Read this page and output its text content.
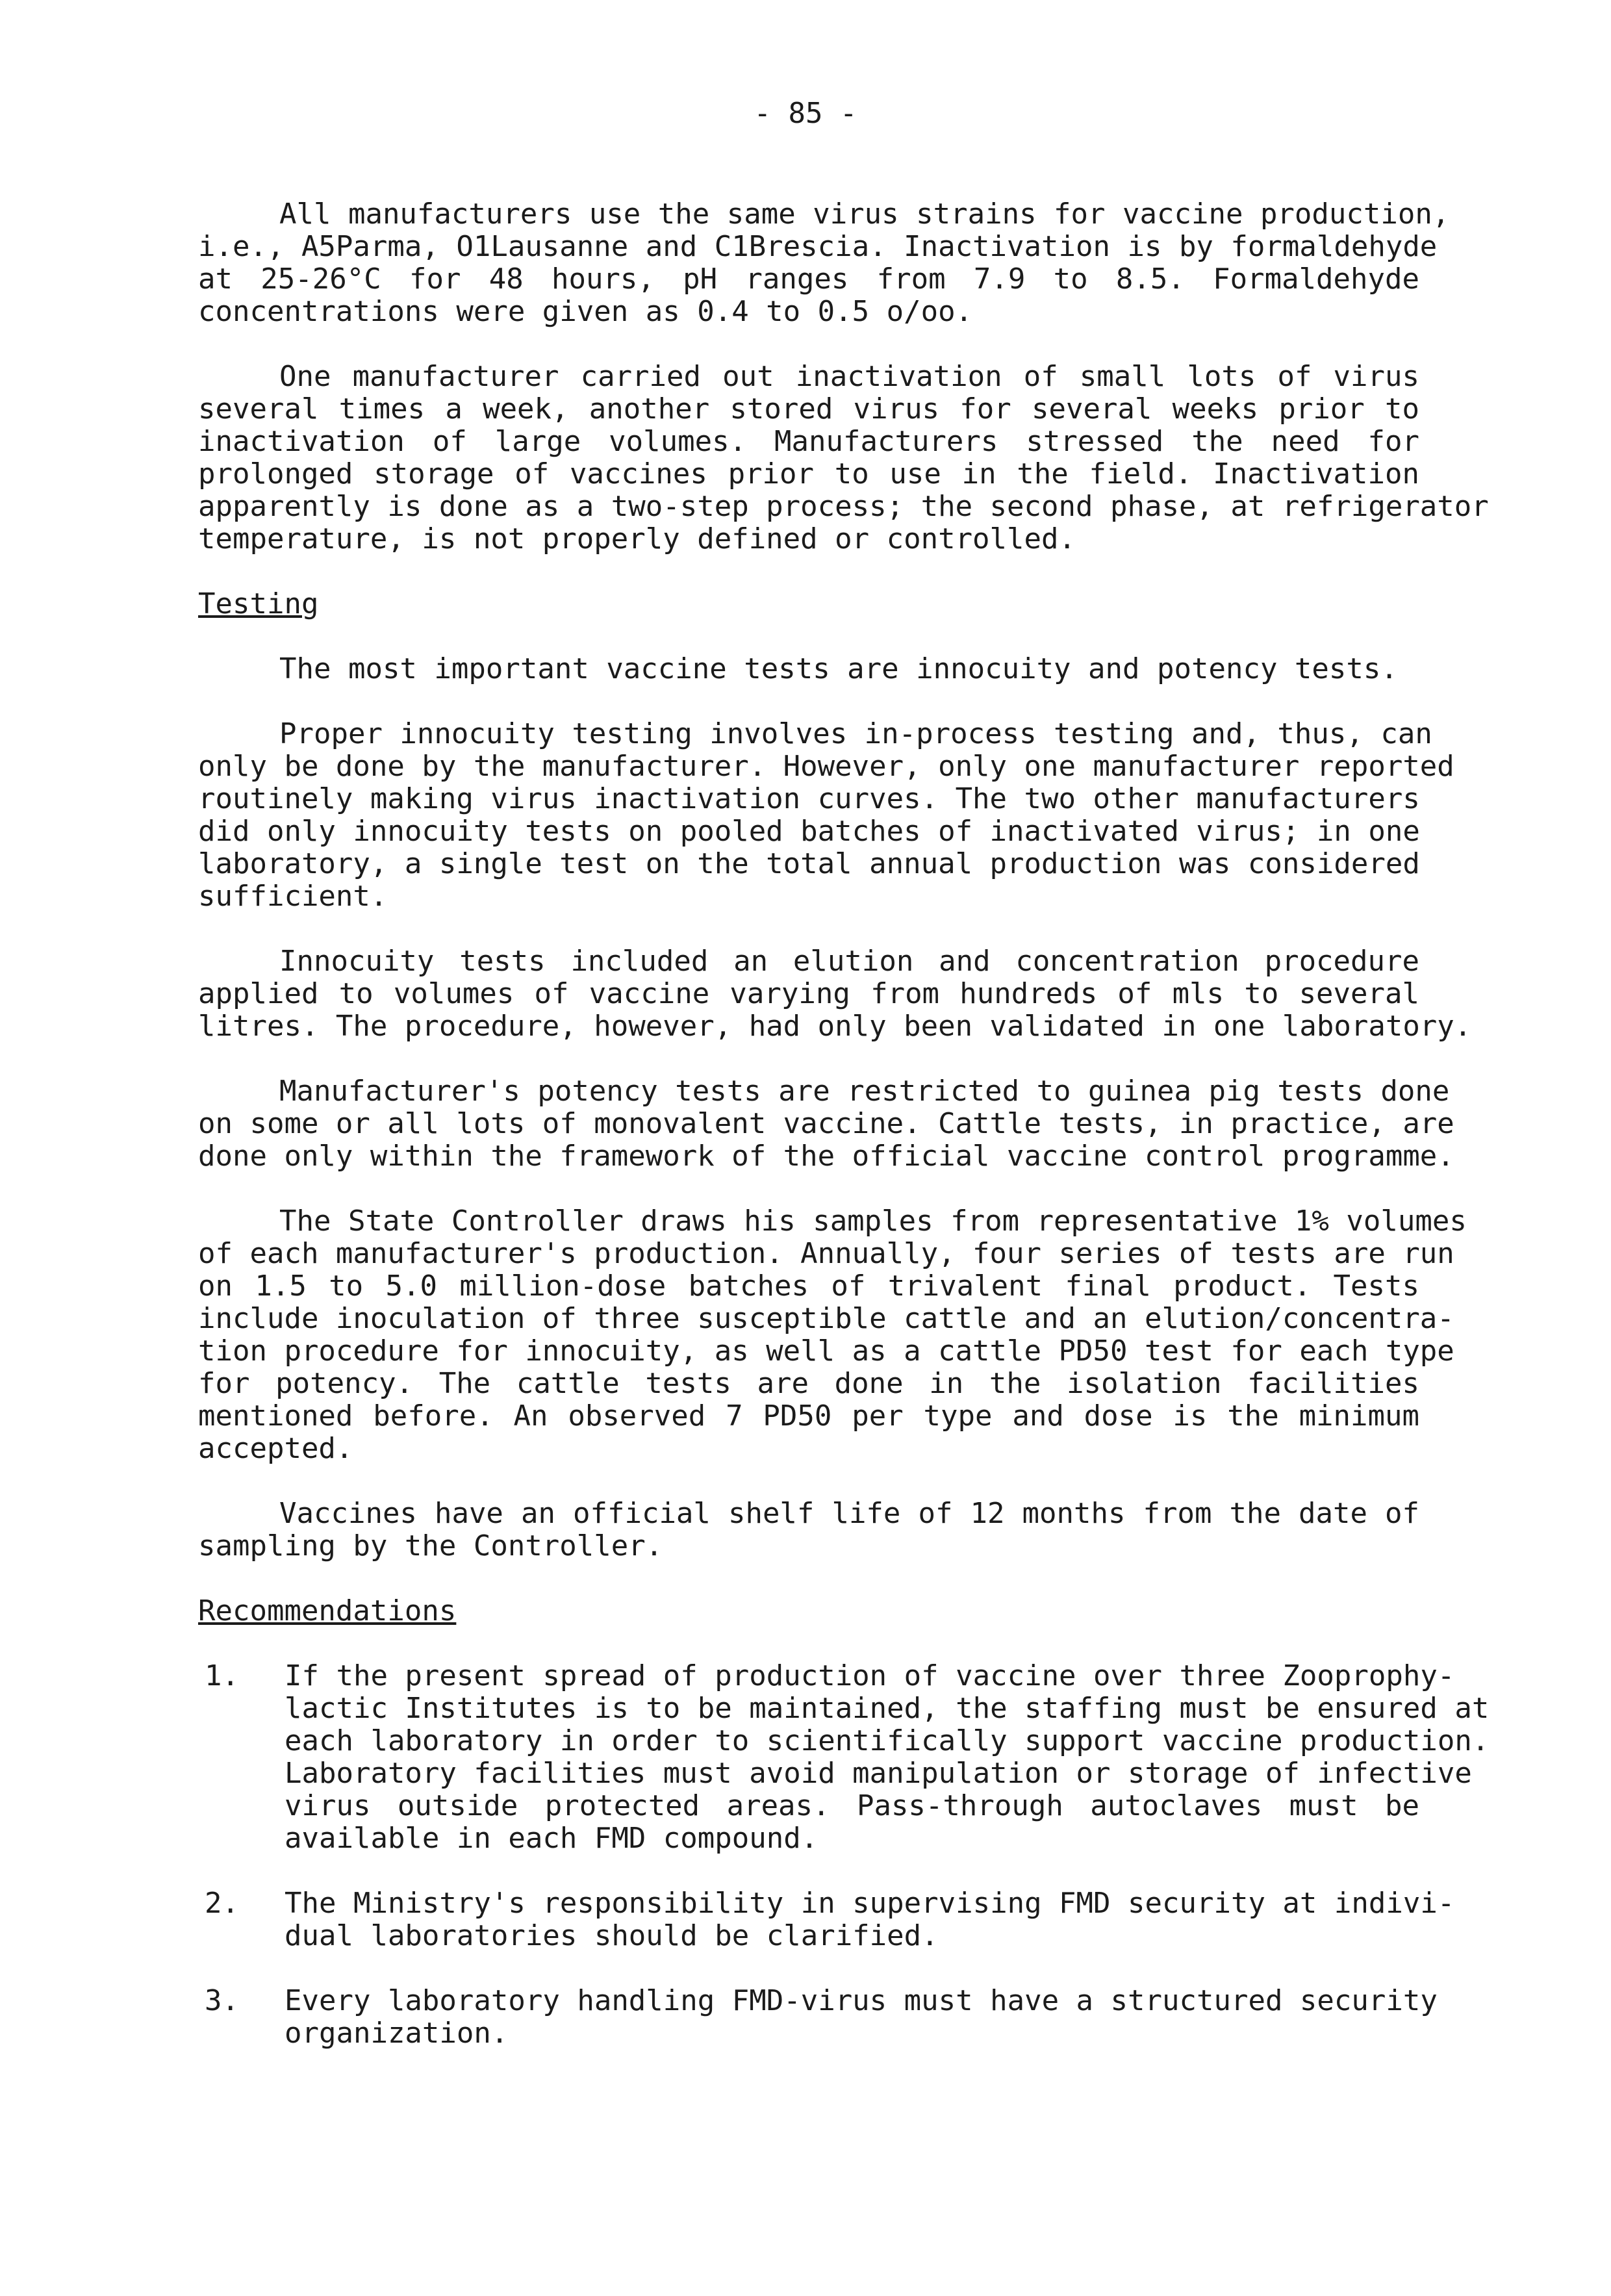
- 85 -
All manufacturers use the same virus strains for vaccine production,
i.e., A5Parma, O1Lausanne and C1Brescia. Inactivation is by formaldehyde
at 25-26°C for 48 hours, pH ranges from 7.9 to 8.5. Formaldehyde
concentrations were given as 0.4 to 0.5 o/oo.
One manufacturer carried out inactivation of small lots of virus
several times a week, another stored virus for several weeks prior to
inactivation of large volumes. Manufacturers stressed the need for
prolonged storage of vaccines prior to use in the field. Inactivation
apparently is done as a two-step process; the second phase, at refrigerator
temperature, is not properly defined or controlled.
Testing
The most important vaccine tests are innocuity and potency tests.
Proper innocuity testing involves in-process testing and, thus, can
only be done by the manufacturer. However, only one manufacturer reported
routinely making virus inactivation curves. The two other manufacturers
did only innocuity tests on pooled batches of inactivated virus; in one
laboratory, a single test on the total annual production was considered
sufficient.
Innocuity tests included an elution and concentration procedure
applied to volumes of vaccine varying from hundreds of mls to several
litres. The procedure, however, had only been validated in one laboratory.
Manufacturer's potency tests are restricted to guinea pig tests done
on some or all lots of monovalent vaccine. Cattle tests, in practice, are
done only within the framework of the official vaccine control programme.
The State Controller draws his samples from representative 1% volumes
of each manufacturer's production. Annually, four series of tests are run
on 1.5 to 5.0 million-dose batches of trivalent final product. Tests
include inoculation of three susceptible cattle and an elution/concentra-
tion procedure for innocuity, as well as a cattle PD50 test for each type
for potency. The cattle tests are done in the isolation facilities
mentioned before. An observed 7 PD50 per type and dose is the minimum
accepted.
Vaccines have an official shelf life of 12 months from the date of
sampling by the Controller.
Recommendations
1. If the present spread of production of vaccine over three Zooprophy-
lactic Institutes is to be maintained, the staffing must be ensured at
each laboratory in order to scientifically support vaccine production.
Laboratory facilities must avoid manipulation or storage of infective
virus outside protected areas. Pass-through autoclaves must be
available in each FMD compound.
2. The Ministry's responsibility in supervising FMD security at indivi-
dual laboratories should be clarified.
3. Every laboratory handling FMD-virus must have a structured security
organization.
